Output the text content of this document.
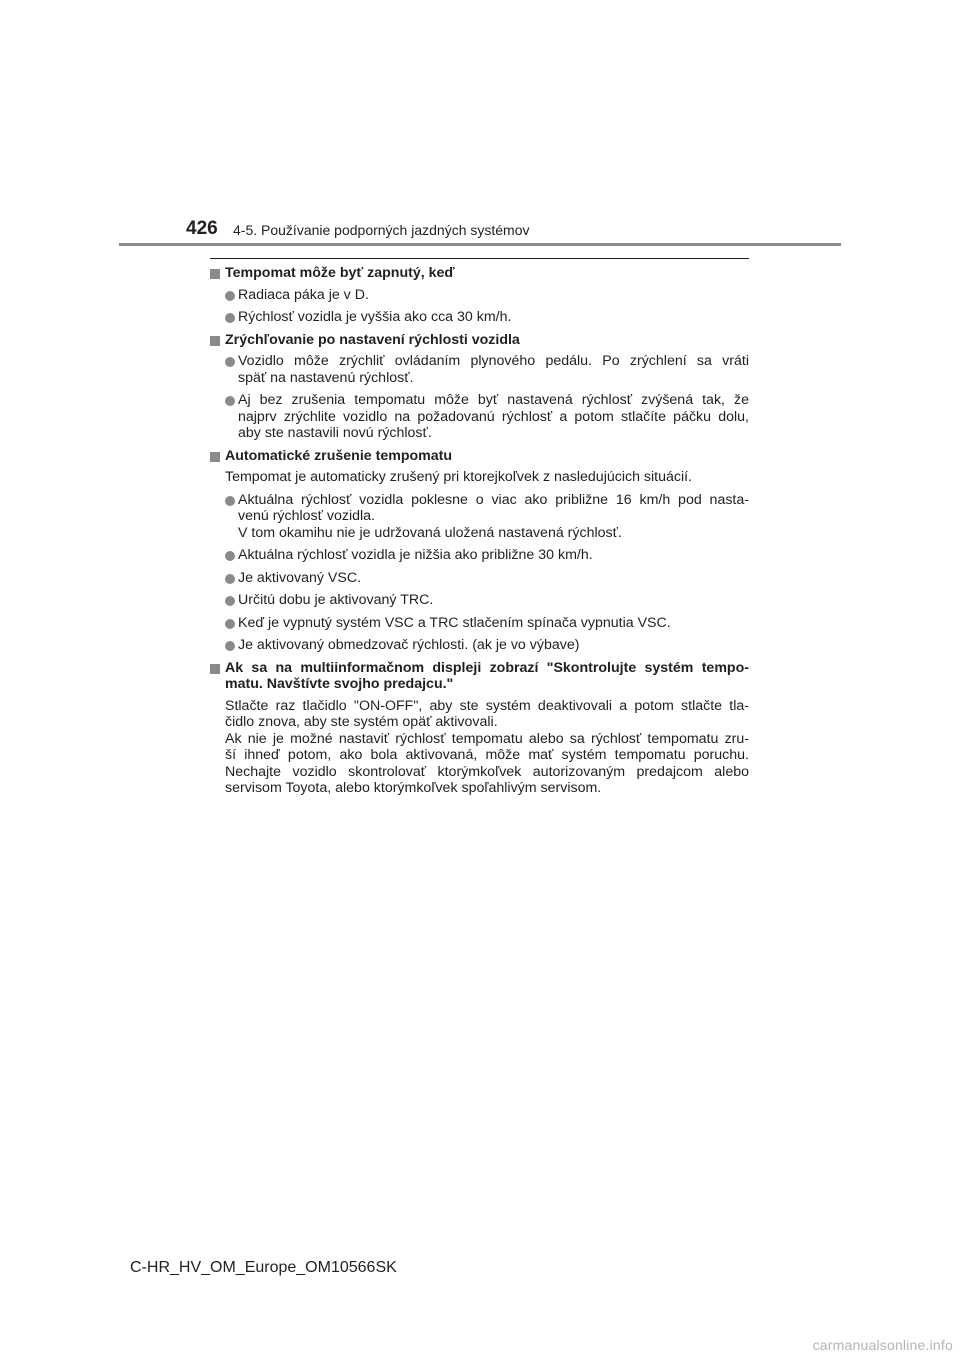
426 4-5. Používanie podporných jazdných systémov
Tempomat môže byť zapnutý, keď
Radiaca páka je v D.
Rýchlosť vozidla je vyššia ako cca 30 km/h.
Zrýchľovanie po nastavení rýchlosti vozidla
Vozidlo môže zrýchliť ovládaním plynového pedálu. Po zrýchlení sa vráti
späť na nastavenú rýchlosť.
Aj bez zrušenia tempomatu môže byť nastavená rýchlosť zvýšená tak, že
najprv zrýchlite vozidlo na požadovanú rýchlosť a potom stlačíte páčku dolu,
aby ste nastavili novú rýchlosť.
Automatické zrušenie tempomatu
Tempomat je automaticky zrušený pri ktorejkoľvek z nasledujúcich situácií.
Aktuálna rýchlosť vozidla poklesne o viac ako približne 16 km/h pod nasta-
venú rýchlosť vozidla.
V tom okamihu nie je udržovaná uložená nastavená rýchlosť.
Aktuálna rýchlosť vozidla je nižšia ako približne 30 km/h.
Je aktivovaný VSC.
Určitú dobu je aktivovaný TRC.
Keď je vypnutý systém VSC a TRC stlačením spínača vypnutia VSC.
Je aktivovaný obmedzovač rýchlosti. (ak je vo výbave)
Ak sa na multiinformačnom displeji zobrazí "Skontrolujte systém tempo-
matu. Navštívte svojho predajcu."
Stlačte raz tlačidlo "ON-OFF", aby ste systém deaktivovali a potom stlačte tla-
čidlo znova, aby ste systém opäť aktivovali.
Ak nie je možné nastaviť rýchlosť tempomatu alebo sa rýchlosť tempomatu zru-
ší ihneď potom, ako bola aktivovaná, môže mať systém tempomatu poruchu.
Nechajte vozidlo skontrolovať ktorýmkoľvek autorizovaným predajcom alebo
servisom Toyota, alebo ktorýmkoľvek spoľahlivým servisom.
C-HR_HV_OM_Europe_OM10566SK
carmanualsonline.info
